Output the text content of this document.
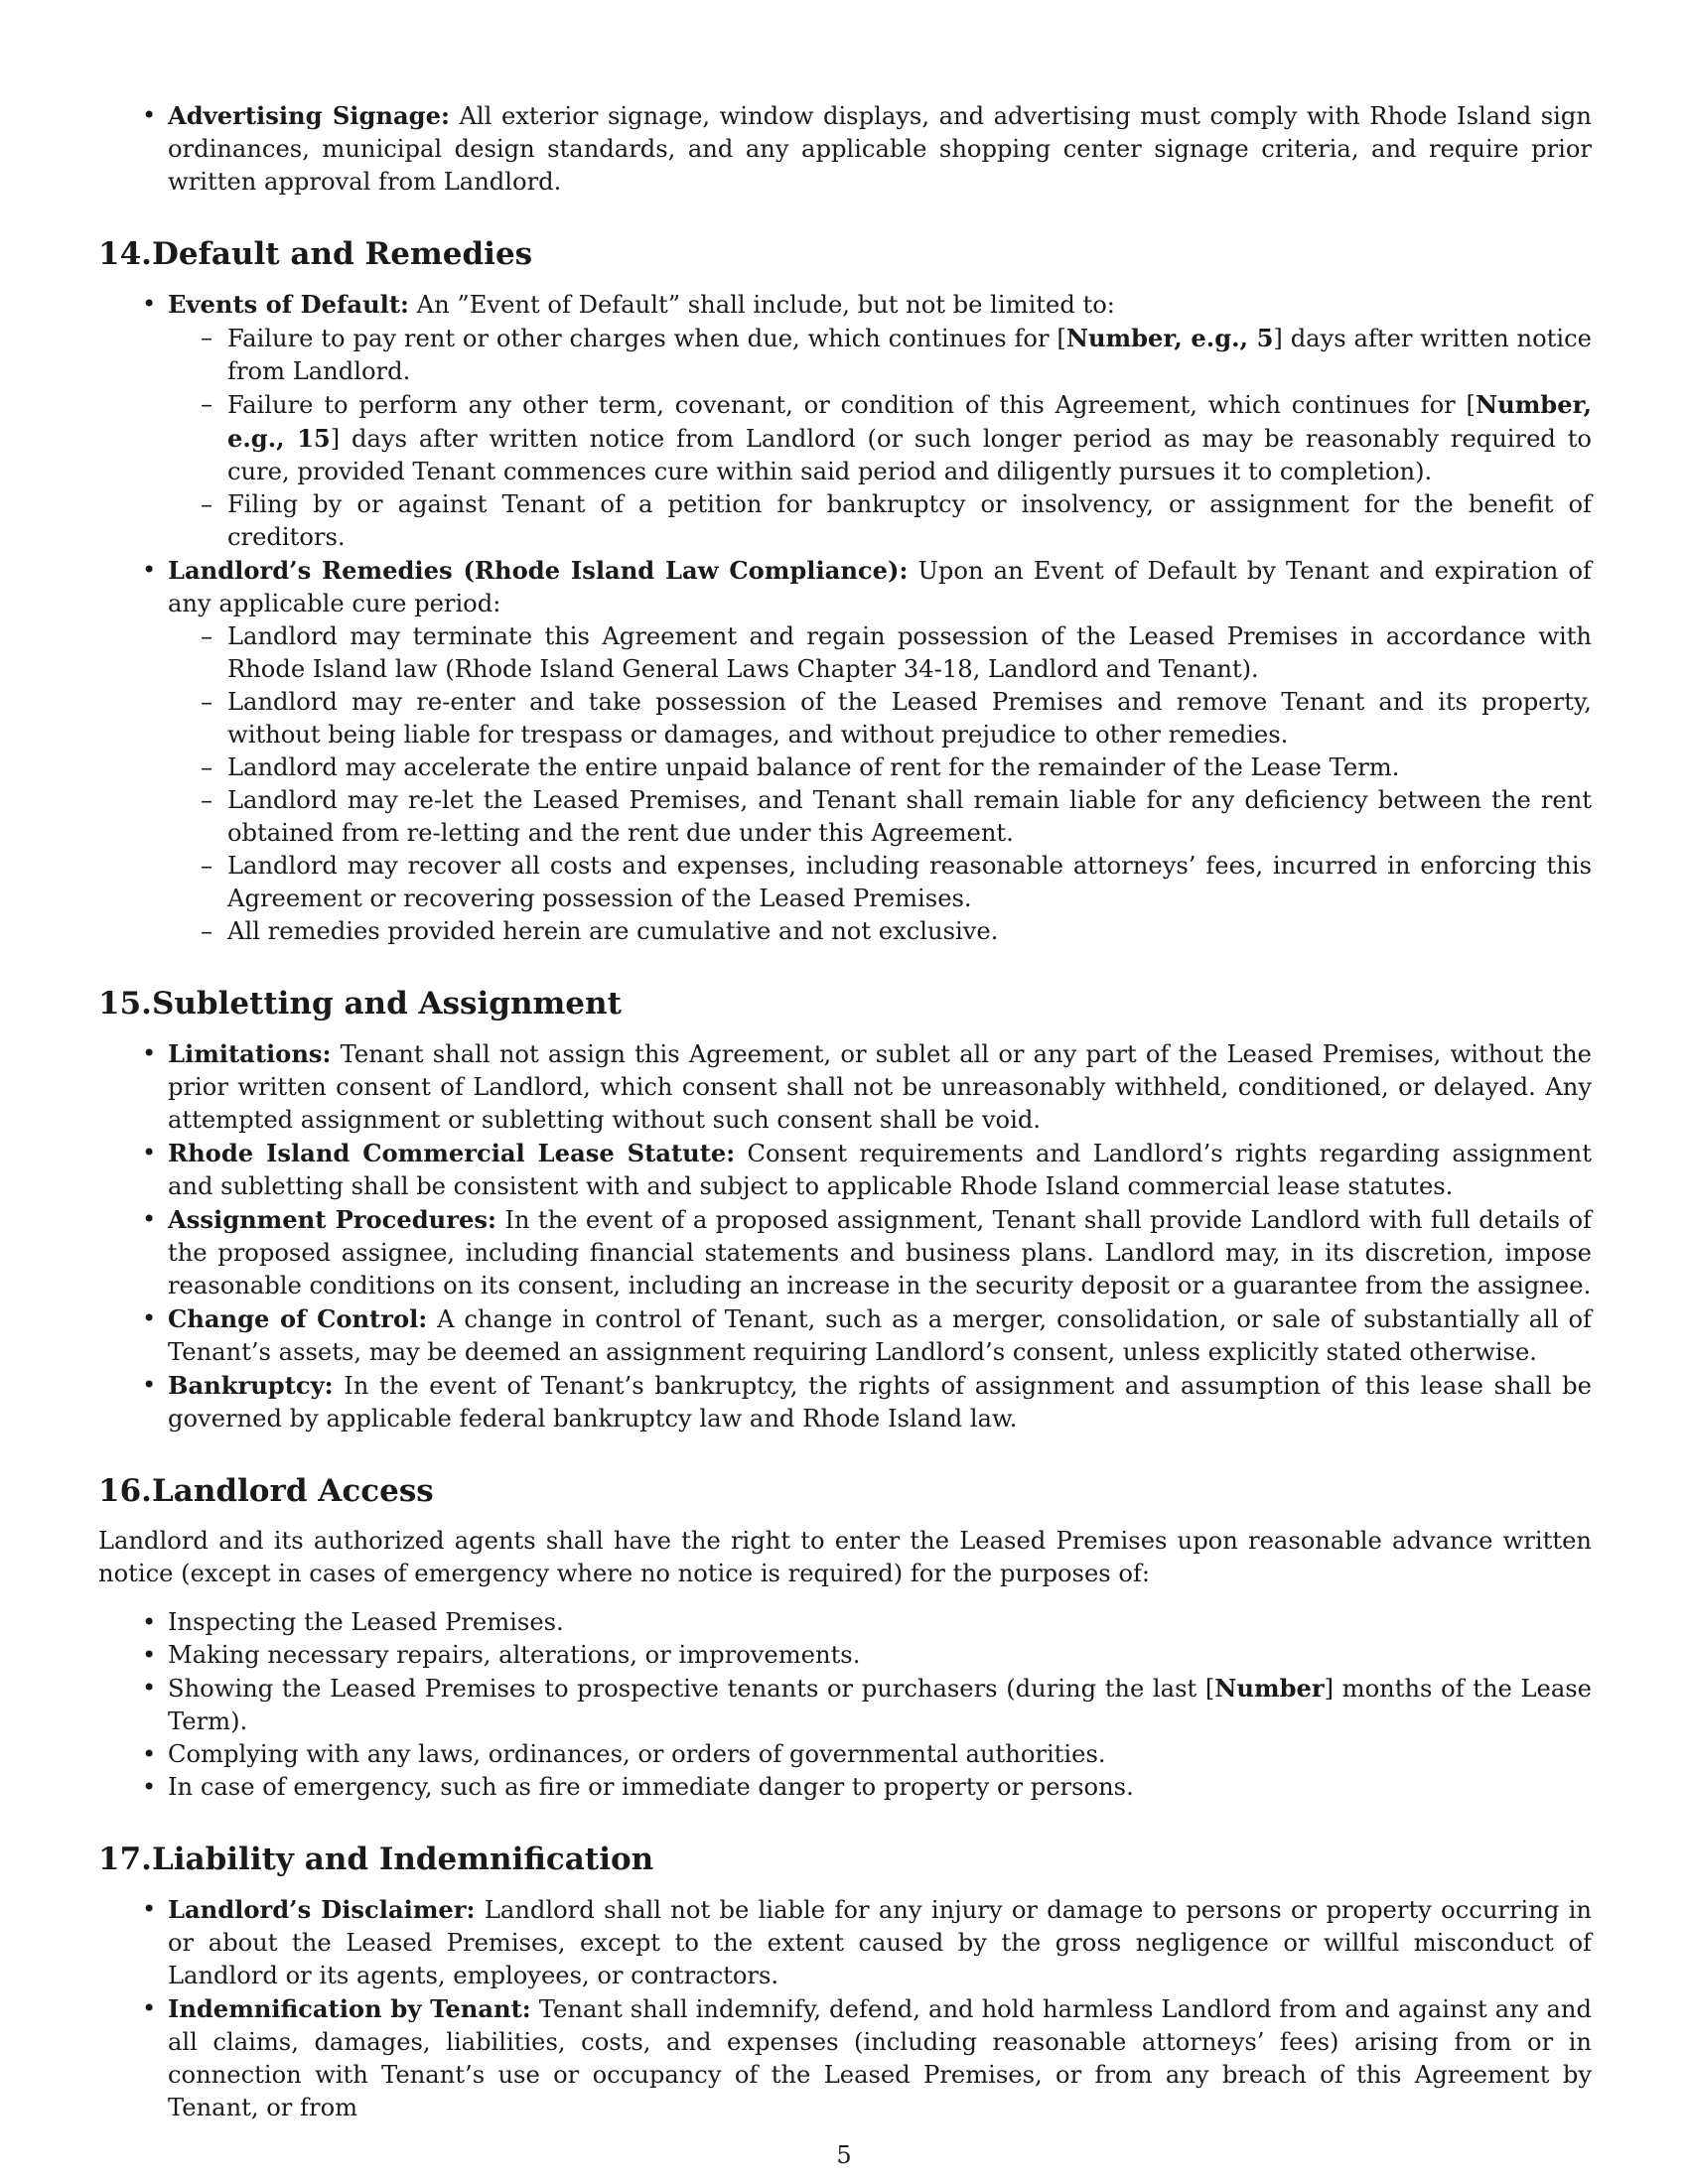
• Advertising Signage: All exterior signage, window displays, and advertising must comply with Rhode Island sign ordinances, municipal design standards, and any applicable shopping center signage criteria, and require prior written approval from Landlord.
14.Default and Remedies
• Events of Default: An ”Event of Default” shall include, but not be limited to:
– Failure to pay rent or other charges when due, which continues for [Number, e.g., 5] days after written notice from Landlord.
– Failure to perform any other term, covenant, or condition of this Agreement, which continues for [Number, e.g., 15] days after written notice from Landlord (or such longer period as may be reasonably required to cure, provided Tenant commences cure within said period and diligently pursues it to completion).
– Filing by or against Tenant of a petition for bankruptcy or insolvency, or assignment for the benefit of creditors.
• Landlord’s Remedies (Rhode Island Law Compliance): Upon an Event of Default by Tenant and expiration of any applicable cure period:
– Landlord may terminate this Agreement and regain possession of the Leased Premises in accordance with Rhode Island law (Rhode Island General Laws Chapter 34-18, Landlord and Tenant).
– Landlord may re-enter and take possession of the Leased Premises and remove Tenant and its property, without being liable for trespass or damages, and without prejudice to other remedies.
– Landlord may accelerate the entire unpaid balance of rent for the remainder of the Lease Term.
– Landlord may re-let the Leased Premises, and Tenant shall remain liable for any deficiency between the rent obtained from re-letting and the rent due under this Agreement.
– Landlord may recover all costs and expenses, including reasonable attorneys’ fees, incurred in enforcing this Agreement or recovering possession of the Leased Premises.
– All remedies provided herein are cumulative and not exclusive.
15.Subletting and Assignment
• Limitations: Tenant shall not assign this Agreement, or sublet all or any part of the Leased Premises, without the prior written consent of Landlord, which consent shall not be unreasonably withheld, conditioned, or delayed. Any attempted assignment or subletting without such consent shall be void.
• Rhode Island Commercial Lease Statute: Consent requirements and Landlord’s rights regarding assignment and subletting shall be consistent with and subject to applicable Rhode Island commercial lease statutes.
• Assignment Procedures: In the event of a proposed assignment, Tenant shall provide Landlord with full details of the proposed assignee, including financial statements and business plans. Landlord may, in its discretion, impose reasonable conditions on its consent, including an increase in the security deposit or a guarantee from the assignee.
• Change of Control: A change in control of Tenant, such as a merger, consolidation, or sale of substantially all of Tenant’s assets, may be deemed an assignment requiring Landlord’s consent, unless explicitly stated otherwise.
• Bankruptcy: In the event of Tenant’s bankruptcy, the rights of assignment and assumption of this lease shall be governed by applicable federal bankruptcy law and Rhode Island law.
16.Landlord Access

Landlord and its authorized agents shall have the right to enter the Leased Premises upon reasonable advance written notice (except in cases of emergency where no notice is required) for the purposes of:

• Inspecting the Leased Premises.
• Making necessary repairs, alterations, or improvements.
• Showing the Leased Premises to prospective tenants or purchasers (during the last [Number] months of the Lease Term).
• Complying with any laws, ordinances, or orders of governmental authorities.
• In case of emergency, such as fire or immediate danger to property or persons.
17.Liability and Indemnification
• Landlord’s Disclaimer: Landlord shall not be liable for any injury or damage to persons or property occurring in or about the Leased Premises, except to the extent caused by the gross negligence or willful misconduct of Landlord or its agents, employees, or contractors.
• Indemnification by Tenant: Tenant shall indemnify, defend, and hold harmless Landlord from and against any and all claims, damages, liabilities, costs, and expenses (including reasonable attorneys’ fees) arising from or in connection with Tenant’s use or occupancy of the Leased Premises, or from any breach of this Agreement by Tenant, or from
5
